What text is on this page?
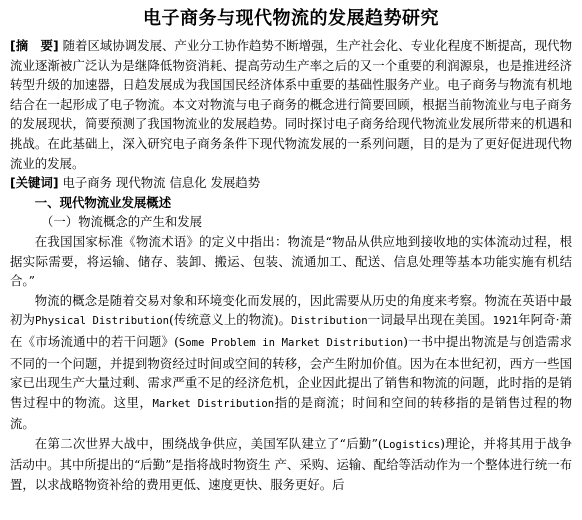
电子商务与现代物流的发展趋势研究

[摘　要] 随着区域协调发展、产业分工协作趋势不断增强，生产社会化、专业化程度不断提高，现代物流业逐渐被广泛认为是继降低物资消耗、提高劳动生产率之后的又一个重要的利润源泉，也是推进经济转型升级的加速器，日趋发展成为我国国民经济体系中重要的基础性服务产业。电子商务与物流有机地结合在一起形成了电子物流。本文对物流与电子商务的概念进行简要回顾，根据当前物流业与电子商务的发展现状，简要预测了我国物流业的发展趋势。同时探讨电子商务给现代物流业发展所带来的机遇和挑战。在此基础上，深入研究电子商务条件下现代物流发展的一系列问题，目的是为了更好促进现代物流业的发展。

[关键词] 电子商务 现代物流 信息化 发展趋势

一、现代物流业发展概述

（一）物流概念的产生和发展

在我国国家标准《物流术语》的定义中指出：物流是“物品从供应地到接收地的实体流动过程，根据实际需要，将运输、储存、装卸、搬运、包装、流通加工、配送、信息处理等基本功能实施有机结合。”

物流的概念是随着交易对象和环境变化而发展的，因此需要从历史的角度来考察。物流在英语中最初为Physical Distribution(传统意义上的物流)。Distribution一词最早出现在美国。1921年阿奇·萧在《市场流通中的若干问题》(Some Problem in Market Distribution)一书中提出物流是与创造需求不同的一个问题，并提到物资经过时间或空间的转移，会产生附加价值。因为在本世纪初，西方一些国家已出现生产大量过剩、需求严重不足的经济危机，企业因此提出了销售和物流的问题，此时指的是销售过程中的物流。这里，Market Distribution指的是商流；时间和空间的转移指的是销售过程的物流。

在第二次世界大战中，围绕战争供应，美国军队建立了“后勤”(Logistics)理论，并将其用于战争活动中。其中所提出的“后勤”是指将战时物资生 产、采购、运输、配给等活动作为一个整体进行统一布置，以求战略物资补给的费用更低、速度更快、服务更好。后
